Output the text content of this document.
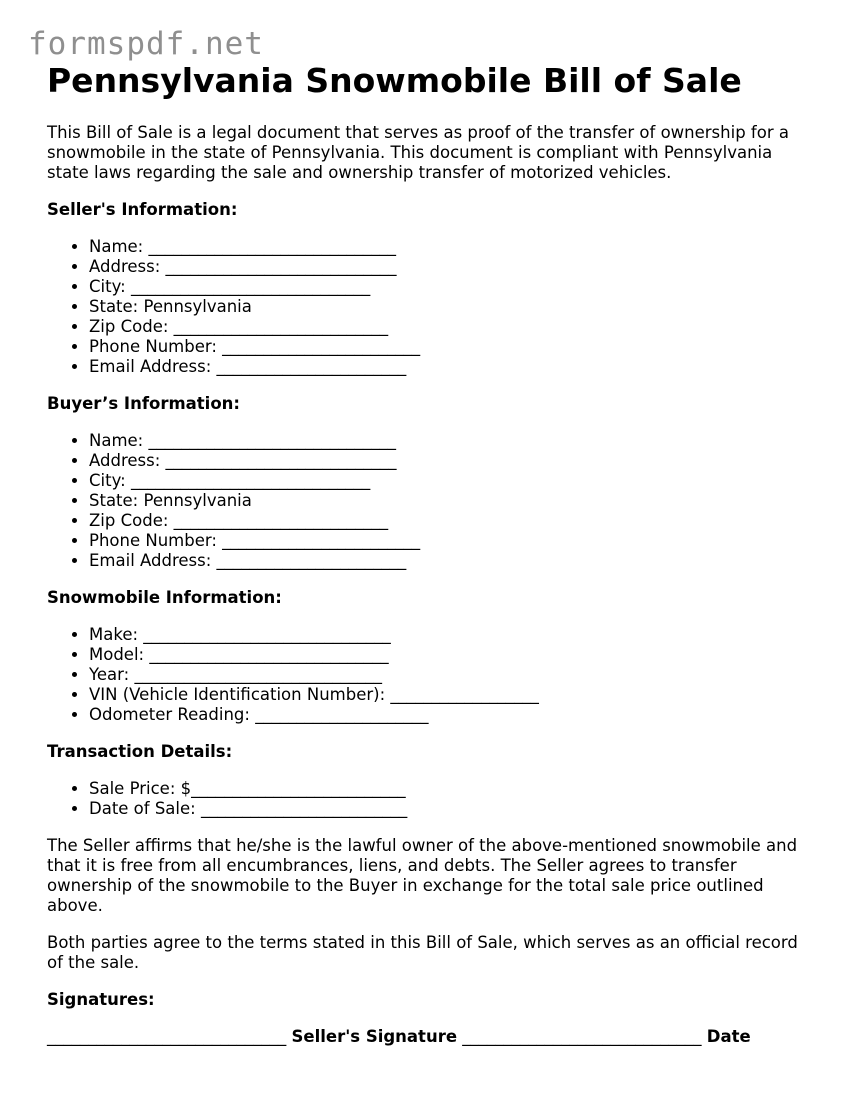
formspdf.net
Pennsylvania Snowmobile Bill of Sale

This Bill of Sale is a legal document that serves as proof of the transfer of ownership for a snowmobile in the state of Pennsylvania. This document is compliant with Pennsylvania state laws regarding the sale and ownership transfer of motorized vehicles.

Seller's Information:
• Name: ______________________________
• Address: ____________________________
• City: _____________________________
• State: Pennsylvania
• Zip Code: __________________________
• Phone Number: ________________________
• Email Address: _______________________
Buyer’s Information:
• Name: ______________________________
• Address: ____________________________
• City: _____________________________
• State: Pennsylvania
• Zip Code: __________________________
• Phone Number: ________________________
• Email Address: _______________________
Snowmobile Information:
• Make: ______________________________
• Model: _____________________________
• Year: ______________________________
• VIN (Vehicle Identification Number): __________________
• Odometer Reading: _____________________
Transaction Details:
• Sale Price: $__________________________
• Date of Sale: _________________________

The Seller affirms that he/she is the lawful owner of the above-mentioned snowmobile and that it is free from all encumbrances, liens, and debts. The Seller agrees to transfer ownership of the snowmobile to the Buyer in exchange for the total sale price outlined above.

Both parties agree to the terms stated in this Bill of Sale, which serves as an official record of the sale.

Signatures:
_____________________________ Seller's Signature _____________________________ Date
